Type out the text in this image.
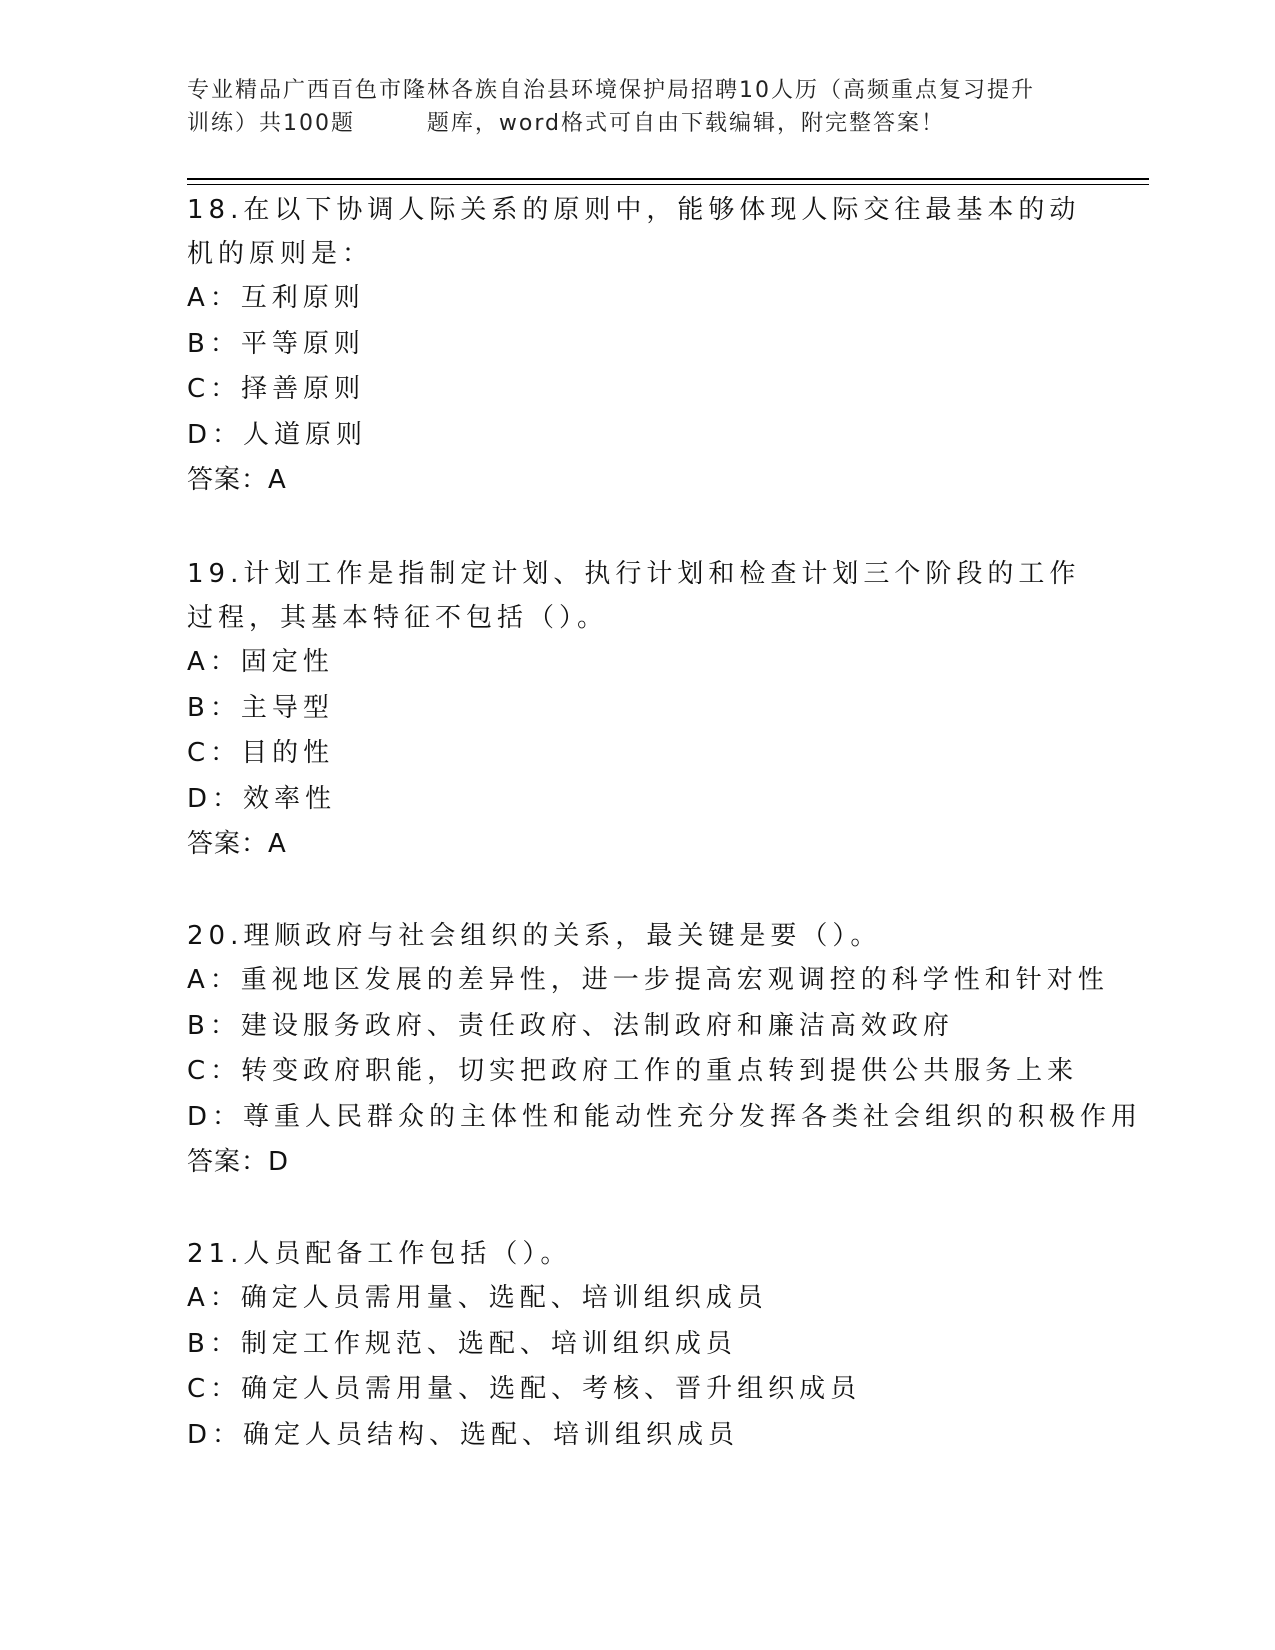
专业精品广西百色市隆林各族自治县环境保护局招聘10人历（高频重点复习提升
训练）共100题        题库，word格式可自由下载编辑，附完整答案！
18.在以下协调人际关系的原则中，能够体现人际交往最基本的动机的原则是：
A：互利原则
B：平等原则
C：择善原则
D：人道原则
答案：A
19.计划工作是指制定计划、执行计划和检查计划三个阶段的工作过程，其基本特征不包括（）。
A：固定性
B：主导型
C：目的性
D：效率性
答案：A
20.理顺政府与社会组织的关系，最关键是要（）。
A：重视地区发展的差异性，进一步提高宏观调控的科学性和针对性
B：建设服务政府、责任政府、法制政府和廉洁高效政府
C：转变政府职能，切实把政府工作的重点转到提供公共服务上来
D：尊重人民群众的主体性和能动性充分发挥各类社会组织的积极作用
答案：D
21.人员配备工作包括（）。
A：确定人员需用量、选配、培训组织成员
B：制定工作规范、选配、培训组织成员
C：确定人员需用量、选配、考核、晋升组织成员
D：确定人员结构、选配、培训组织成员
